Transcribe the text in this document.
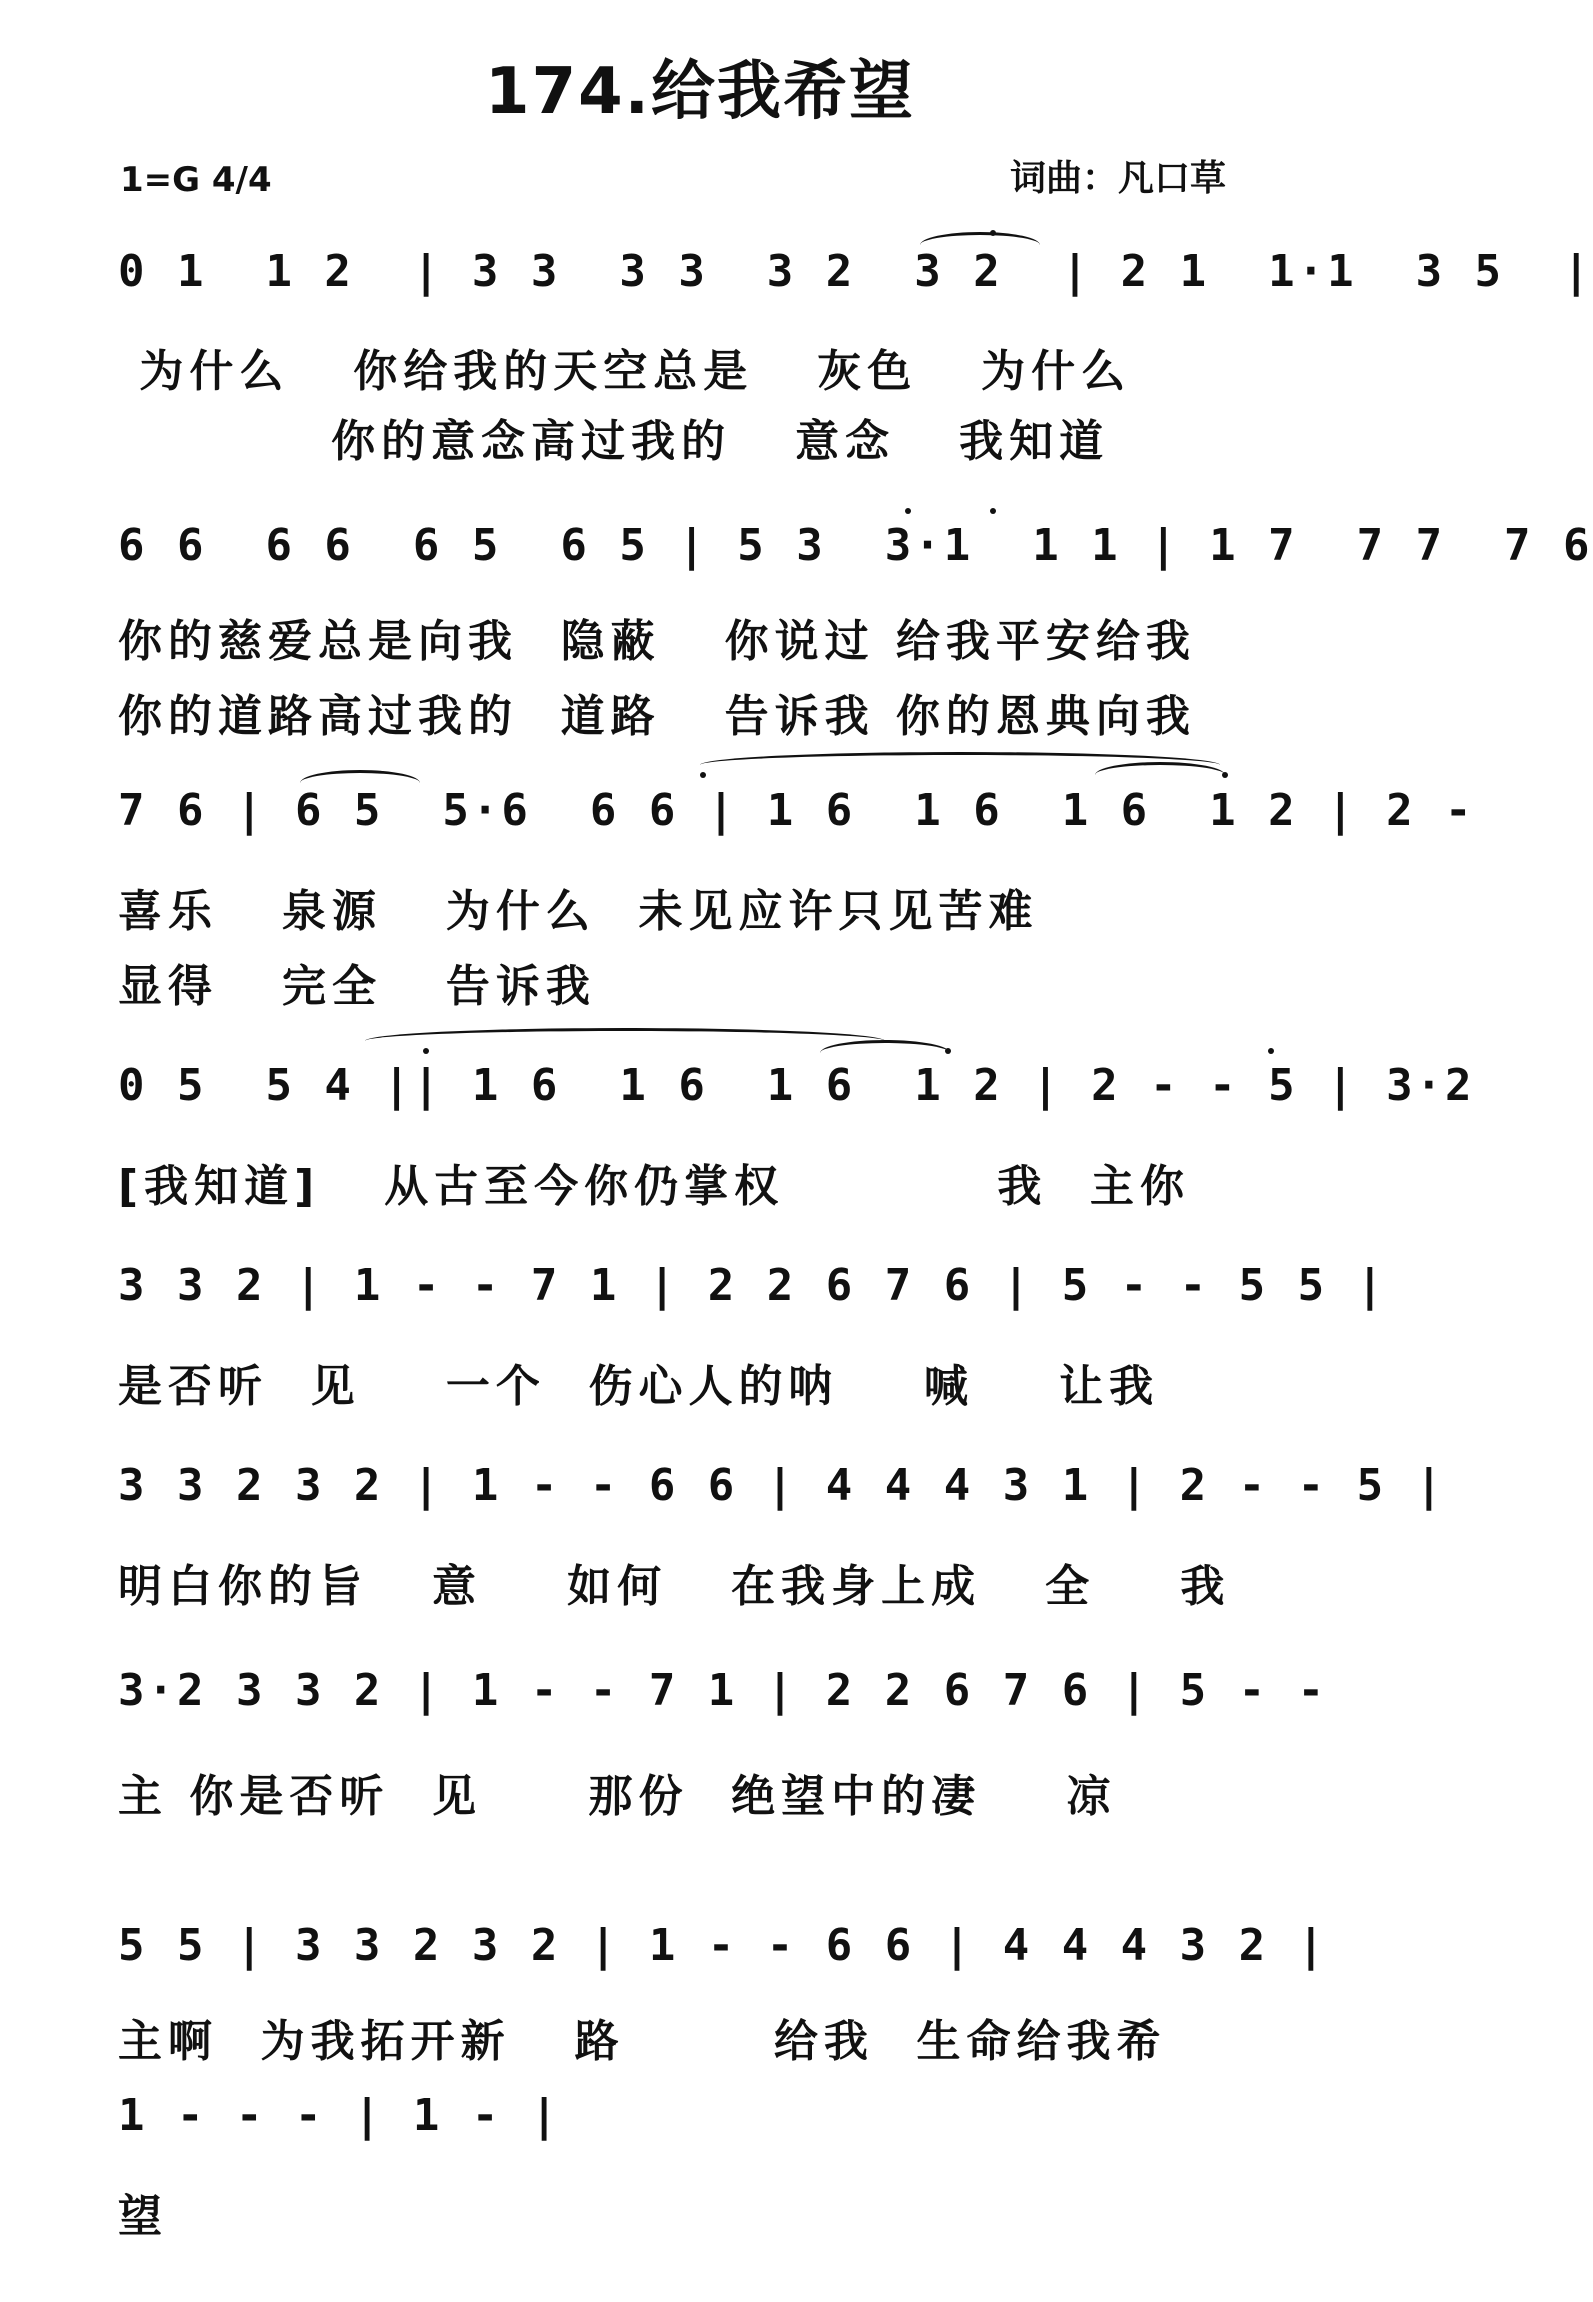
174.给我希望
1=G 4/4	词曲：凡口草
0 1  1 2  | 3 3  3 3  3 2  3 2  | 2 1  1·1  3 5  |
为什么   你给我的天空总是   灰色   为什么
你的意念高过我的   意念   我知道
6 6  6 6  6 5  6 5 | 5 3  3·1  1 1 | 1 7  7 7  7 6
你的慈爱总是向我  隐蔽   你说过 给我平安给我
你的道路高过我的  道路   告诉我 你的恩典向我
7 6 | 6 5  5·6  6 6 | 1 6  1 6  1 6  1 2 | 2 -
喜乐   泉源   为什么  未见应许只见苦难
显得   完全   告诉我
0 5  5 4 || 1 6  1 6  1 6  1 2 | 2 - - 5 | 3·2
[我知道]   从古至今你仍掌权          我  主你
3 3 2 | 1 - - 7 1 | 2 2 6 7 6 | 5 - - 5 5 |
是否听  见    一个  伤心人的呐    喊    让我
3 3 2 3 2 | 1 - - 6 6 | 4 4 4 3 1 | 2 - - 5 |
明白你的旨   意    如何   在我身上成   全    我
3·2 3 3 2 | 1 - - 7 1 | 2 2 6 7 6 | 5 - -
主 你是否听  见     那份  绝望中的凄    凉
5 5 | 3 3 2 3 2 | 1 - - 6 6 | 4 4 4 3 2 |
主啊  为我拓开新   路       给我  生命给我希
1 - - - | 1 - |
望
